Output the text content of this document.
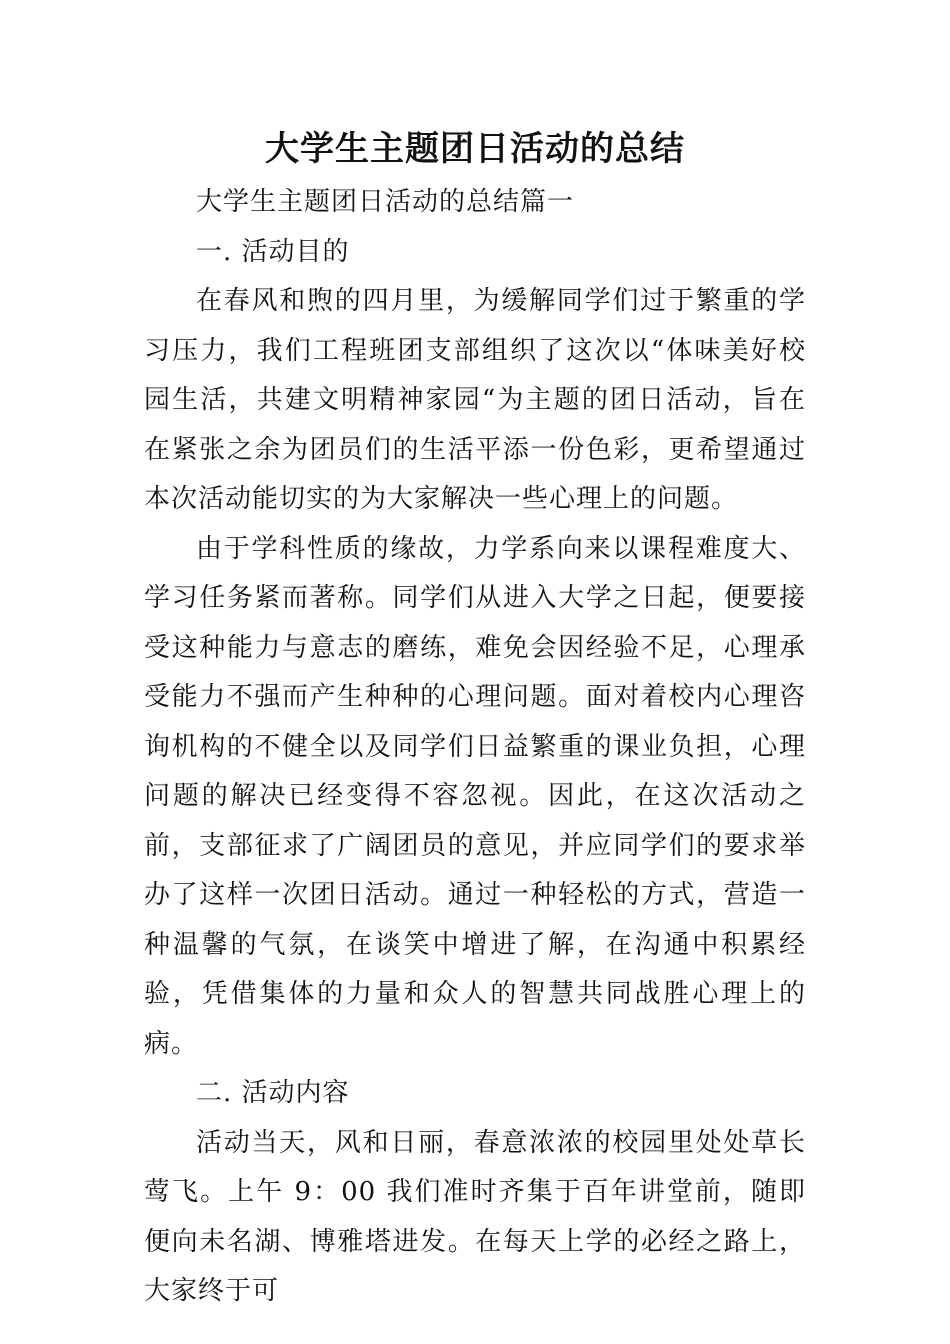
大学生主题团日活动的总结

大学生主题团日活动的总结篇一

一. 活动目的

在春风和煦的四月里，为缓解同学们过于繁重的学习压力，我们工程班团支部组织了这次以“体味美好校园生活，共建文明精神家园“为主题的团日活动，旨在在紧张之余为团员们的生活平添一份色彩，更希望通过本次活动能切实的为大家解决一些心理上的问题。

由于学科性质的缘故，力学系向来以课程难度大、学习任务紧而著称。同学们从进入大学之日起，便要接受这种能力与意志的磨练，难免会因经验不足，心理承受能力不强而产生种种的心理问题。面对着校内心理咨询机构的不健全以及同学们日益繁重的课业负担，心理问题的解决已经变得不容忽视。因此，在这次活动之前，支部征求了广阔团员的意见，并应同学们的要求举办了这样一次团日活动。通过一种轻松的方式，营造一种温馨的气氛，在谈笑中增进了解，在沟通中积累经验，凭借集体的力量和众人的智慧共同战胜心理上的病。

二. 活动内容

活动当天，风和日丽，春意浓浓的校园里处处草长莺飞。上午 9：00 我们准时齐集于百年讲堂前，随即便向未名湖、博雅塔进发。在每天上学的必经之路上，大家终于可
